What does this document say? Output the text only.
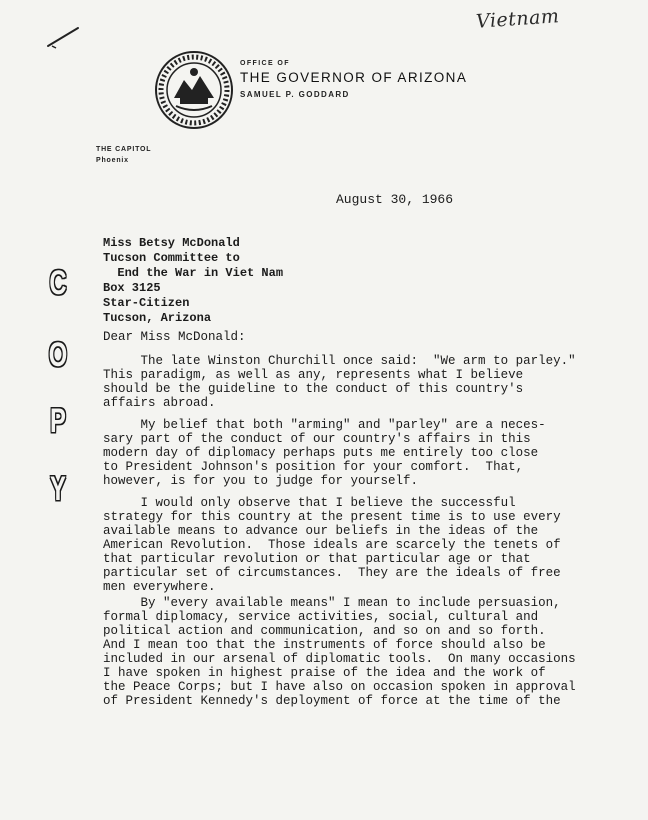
Vietnam
OFFICE OF
THE GOVERNOR OF ARIZONA
SAMUEL P. GODDARD
THE CAPITOL
Phoenix
August 30, 1966
Miss Betsy McDonald
Tucson Committee to
End the War in Viet Nam
Box 3125
Star-Citizen
Tucson, Arizona
C
O
P
Y
Dear Miss McDonald:
The late Winston Churchill once said:  "We arm to parley."
This paradigm, as well as any, represents what I believe
should be the guideline to the conduct of this country's
affairs abroad.
My belief that both "arming" and "parley" are a neces-
sary part of the conduct of our country's affairs in this
modern day of diplomacy perhaps puts me entirely too close
to President Johnson's position for your comfort.  That,
however, is for you to judge for yourself.
I would only observe that I believe the successful
strategy for this country at the present time is to use every
available means to advance our beliefs in the ideas of the
American Revolution.  Those ideals are scarcely the tenets of
that particular revolution or that particular age or that
particular set of circumstances.  They are the ideals of free
men everywhere.
By "every available means" I mean to include persuasion,
formal diplomacy, service activities, social, cultural and
political action and communication, and so on and so forth.
And I mean too that the instruments of force should also be
included in our arsenal of diplomatic tools.  On many occasions
I have spoken in highest praise of the idea and the work of
the Peace Corps; but I have also on occasion spoken in approval
of President Kennedy's deployment of force at the time of the
